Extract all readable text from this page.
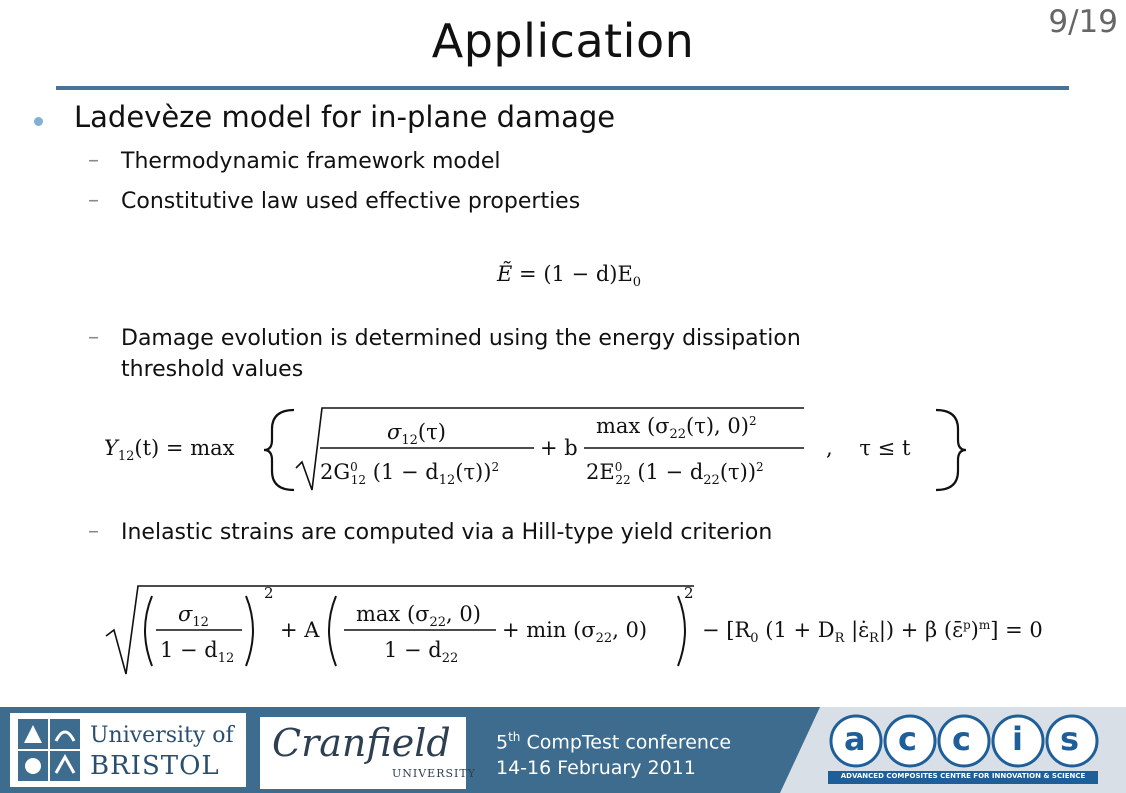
Application	9/19
Ladevèze model for in-plane damage
– Thermodynamic framework model
– Constitutive law used effective properties
Ẽ = $(1 - d)E_0$
– Damage evolution is determined using the energy dissipation
threshold values
$Y_{12}(t) = \max$
$\sigma_{12}(\tau)$
$2G^0_{12}$ $(1 - d_{12}(\tau))^2$
+ b
$\max (\sigma_{22}(\tau)$, 0)$^2$
$2E^0_{22}$ $(1 - d_{22}(\tau))^2$
,    τ ≤ t
– Inelastic strains are computed via a Hill-type yield criterion
$\sigma_{12}$
$1 - d_{12}$
2
+ A
$\max (\sigma_{22}$, 0)
$1 - d_{22}$
+ $\min (\sigma_{22}$, 0)
2
− [$R_0$ ($1 + D_R$ $|\varepsiloṅ_R|) + \beta$ (ε̄$^p$)$^m$] = 0
University of
BRISTOL
Cranfield
UNIVERSITY
5th CompTest conference
14-16 February 2011
a c c i s
ADVANCED COMPOSITES CENTRE FOR INNOVATION & SCIENCE
